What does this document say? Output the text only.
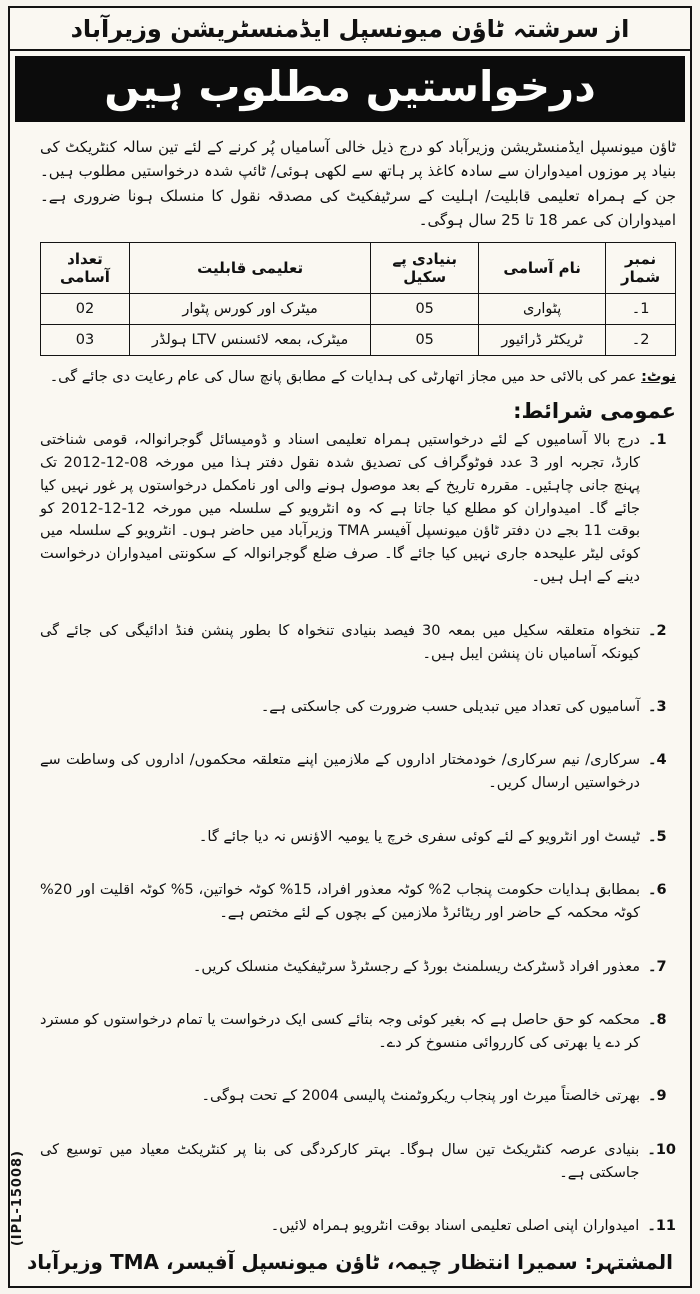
از سرشتہ ٹاؤن میونسپل ایڈمنسٹریشن وزیرآباد
درخواستیں مطلوب ہیں

ٹاؤن میونسپل ایڈمنسٹریشن وزیرآباد کو درج ذیل خالی آسامیاں پُر کرنے کے لئے تین سالہ کنٹریکٹ کی بنیاد پر موزوں امیدواران سے سادہ کاغذ پر ہاتھ سے لکھی ہوئی/ ٹائپ شدہ درخواستیں مطلوب ہیں۔ جن کے ہمراہ تعلیمی قابلیت/ اہلیت کے سرٹیفکیٹ کی مصدقہ نقول کا منسلک ہونا ضروری ہے۔ امیدواران کی عمر 18 تا 25 سال ہوگی۔

نمبر شمار	نام آسامی	بنیادی پے سکیل	تعلیمی قابلیت	تعداد آسامی
1۔	پٹواری	05	میٹرک اور کورس پٹوار	02
2۔	ٹریکٹر ڈرائیور	05	میٹرک، بمعہ لائسنس LTV ہولڈر	03

نوٹ: عمر کی بالائی حد میں مجاز اتھارٹی کی ہدایات کے مطابق پانچ سال کی عام رعایت دی جائے گی۔

عمومی شرائط:
1۔
درج بالا آسامیوں کے لئے درخواستیں ہمراہ تعلیمی اسناد و ڈومیسائل گوجرانوالہ، قومی شناختی کارڈ، تجربہ اور 3 عدد فوٹوگراف کی تصدیق شدہ نقول دفتر ہذا میں مورخہ 08-12-2012 تک پہنچ جانی چاہئیں۔ مقررہ تاریخ کے بعد موصول ہونے والی اور نامکمل درخواستوں پر غور نہیں کیا جائے گا۔ امیدواران کو مطلع کیا جاتا ہے کہ وہ انٹرویو کے سلسلہ میں مورخہ 12-12-2012 کو بوقت 11 بجے دن دفتر ٹاؤن میونسپل آفیسر TMA وزیرآباد میں حاضر ہوں۔ انٹرویو کے سلسلہ میں کوئی لیٹر علیحدہ جاری نہیں کیا جائے گا۔ صرف ضلع گوجرانوالہ کے سکونتی امیدواران درخواست دینے کے اہل ہیں۔
2۔
تنخواہ متعلقہ سکیل میں بمعہ 30 فیصد بنیادی تنخواہ کا بطور پنشن فنڈ ادائیگی کی جائے گی کیونکہ آسامیاں نان پنشن ایبل ہیں۔
3۔
آسامیوں کی تعداد میں تبدیلی حسب ضرورت کی جاسکتی ہے۔
4۔
سرکاری/ نیم سرکاری/ خودمختار اداروں کے ملازمین اپنے متعلقہ محکموں/ اداروں کی وساطت سے درخواستیں ارسال کریں۔
5۔
ٹیسٹ اور انٹرویو کے لئے کوئی سفری خرچ یا یومیہ الاؤنس نہ دیا جائے گا۔
6۔
بمطابق ہدایات حکومت پنجاب 2% کوٹہ معذور افراد، 15% کوٹہ خواتین، 5% کوٹہ اقلیت اور 20% کوٹہ محکمہ کے حاضر اور ریٹائرڈ ملازمین کے بچوں کے لئے مختص ہے۔
7۔
معذور افراد ڈسٹرکٹ ریسلمنٹ بورڈ کے رجسٹرڈ سرٹیفکیٹ منسلک کریں۔
8۔
محکمہ کو حق حاصل ہے کہ بغیر کوئی وجہ بتائے کسی ایک درخواست یا تمام درخواستوں کو مسترد کر دے یا بھرتی کی کارروائی منسوخ کر دے۔
9۔
بھرتی خالصتاً میرٹ اور پنجاب ریکروٹمنٹ پالیسی 2004 کے تحت ہوگی۔
10۔
بنیادی عرصہ کنٹریکٹ تین سال ہوگا۔ بہتر کارکردگی کی بنا پر کنٹریکٹ معیاد میں توسیع کی جاسکتی ہے۔
11۔
امیدواران اپنی اصلی تعلیمی اسناد بوقت انٹرویو ہمراہ لائیں۔
المشتہر: سمیرا انتظار چیمہ، ٹاؤن میونسپل آفیسر، TMA وزیرآباد
(IPL-15008)
